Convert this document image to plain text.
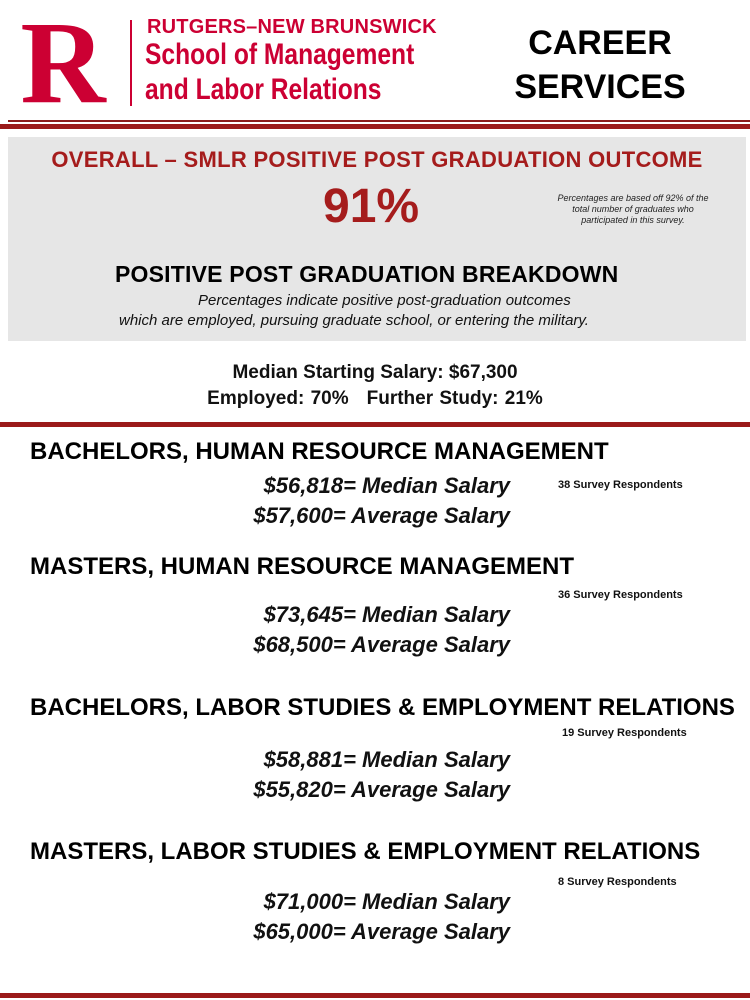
R RUTGERS–NEW BRUNSWICK
School of Management
and Labor Relations
CAREER
SERVICES
OVERALL – SMLR POSITIVE POST GRADUATION OUTCOME
91%	Percentages are based off 92% of the total number of graduates who participated in this survey.
POSITIVE POST GRADUATION BREAKDOWN
Percentages indicate positive post-graduation outcomes
which are employed, pursuing graduate school, or entering the military.
Median Starting Salary: $67,300
Employed: 70% Further Study: 21%
BACHELORS, HUMAN RESOURCE MANAGEMENT
38 Survey Respondents
$56,818= Median Salary
$57,600= Average Salary
MASTERS, HUMAN RESOURCE MANAGEMENT
36 Survey Respondents
$73,645= Median Salary
$68,500= Average Salary
BACHELORS, LABOR STUDIES & EMPLOYMENT RELATIONS
19 Survey Respondents
$58,881= Median Salary
$55,820= Average Salary
MASTERS, LABOR STUDIES & EMPLOYMENT RELATIONS
8 Survey Respondents
$71,000= Median Salary
$65,000= Average Salary
